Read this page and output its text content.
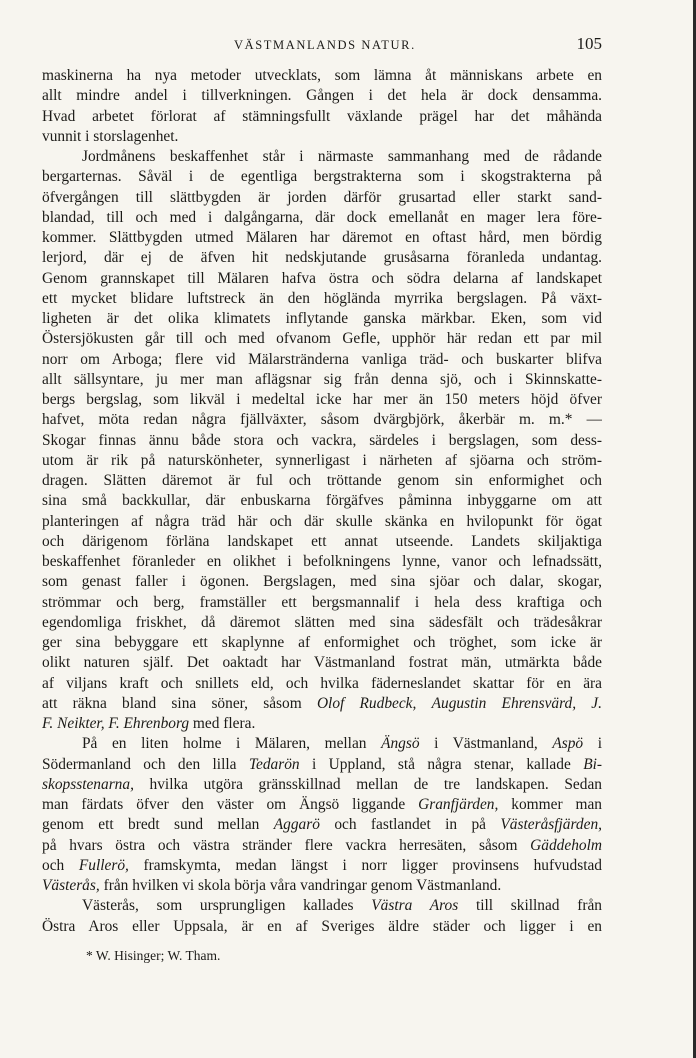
VÄSTMANLANDS NATUR.	105
maskinerna ha nya metoder utvecklats, som lämna åt människans arbete en
allt mindre andel i tillverkningen. Gången i det hela är dock densamma.
Hvad arbetet förlorat af stämningsfullt växlande prägel har det måhända
vunnit i storslagenhet.
Jordmånens beskaffenhet står i närmaste sammanhang med de rådande
bergarternas. Såväl i de egentliga bergstrakterna som i skogstrakterna på
öfvergången till slättbygden är jorden därför grusartad eller starkt sand-
blandad, till och med i dalgångarna, där dock emellanåt en mager lera före-
kommer. Slättbygden utmed Mälaren har däremot en oftast hård, men bördig
lerjord, där ej de äfven hit nedskjutande grusåsarna föranleda undantag.
Genom grannskapet till Mälaren hafva östra och södra delarna af landskapet
ett mycket blidare luftstreck än den höglända myrrika bergslagen. På växt-
ligheten är det olika klimatets inflytande ganska märkbar. Eken, som vid
Östersjökusten går till och med ofvanom Gefle, upphör här redan ett par mil
norr om Arboga; flere vid Mälarstränderna vanliga träd- och buskarter blifva
allt sällsyntare, ju mer man aflägsnar sig från denna sjö, och i Skinnskatte-
bergs bergslag, som likväl i medeltal icke har mer än 150 meters höjd öfver
hafvet, möta redan några fjällväxter, såsom dvärgbjörk, åkerbär m. m.* —
Skogar finnas ännu både stora och vackra, särdeles i bergslagen, som dess-
utom är rik på naturskönheter, synnerligast i närheten af sjöarna och ström-
dragen. Slätten däremot är ful och tröttande genom sin enformighet och
sina små backkullar, där enbuskarna förgäfves påminna inbyggarne om att
planteringen af några träd här och där skulle skänka en hvilopunkt för ögat
och därigenom förläna landskapet ett annat utseende. Landets skiljaktiga
beskaffenhet föranleder en olikhet i befolkningens lynne, vanor och lefnadssätt,
som genast faller i ögonen. Bergslagen, med sina sjöar och dalar, skogar,
strömmar och berg, framställer ett bergsmannalif i hela dess kraftiga och
egendomliga friskhet, då däremot slätten med sina sädesfält och trädesåkrar
ger sina bebyggare ett skaplynne af enformighet och tröghet, som icke är
olikt naturen själf. Det oaktadt har Västmanland fostrat män, utmärkta både
af viljans kraft och snillets eld, och hvilka fäderneslandet skattar för en ära
att räkna bland sina söner, såsom Olof Rudbeck, Augustin Ehrensvärd, J.
F. Neikter, F. Ehrenborg med flera.
På en liten holme i Mälaren, mellan Ängsö i Västmanland, Aspö i
Södermanland och den lilla Tedarön i Uppland, stå några stenar, kallade Bi-
skopsstenarna, hvilka utgöra gränsskillnad mellan de tre landskapen. Sedan
man färdats öfver den väster om Ängsö liggande Granfjärden, kommer man
genom ett bredt sund mellan Aggarö och fastlandet in på Västeråsfjärden,
på hvars östra och västra stränder flere vackra herresäten, såsom Gäddeholm
och Fullerö, framskymta, medan längst i norr ligger provinsens hufvudstad
Västerås, från hvilken vi skola börja våra vandringar genom Västmanland.
Västerås, som ursprungligen kallades Västra Aros till skillnad från
Östra Aros eller Uppsala, är en af Sveriges äldre städer och ligger i en
* W. Hisinger; W. Tham.
